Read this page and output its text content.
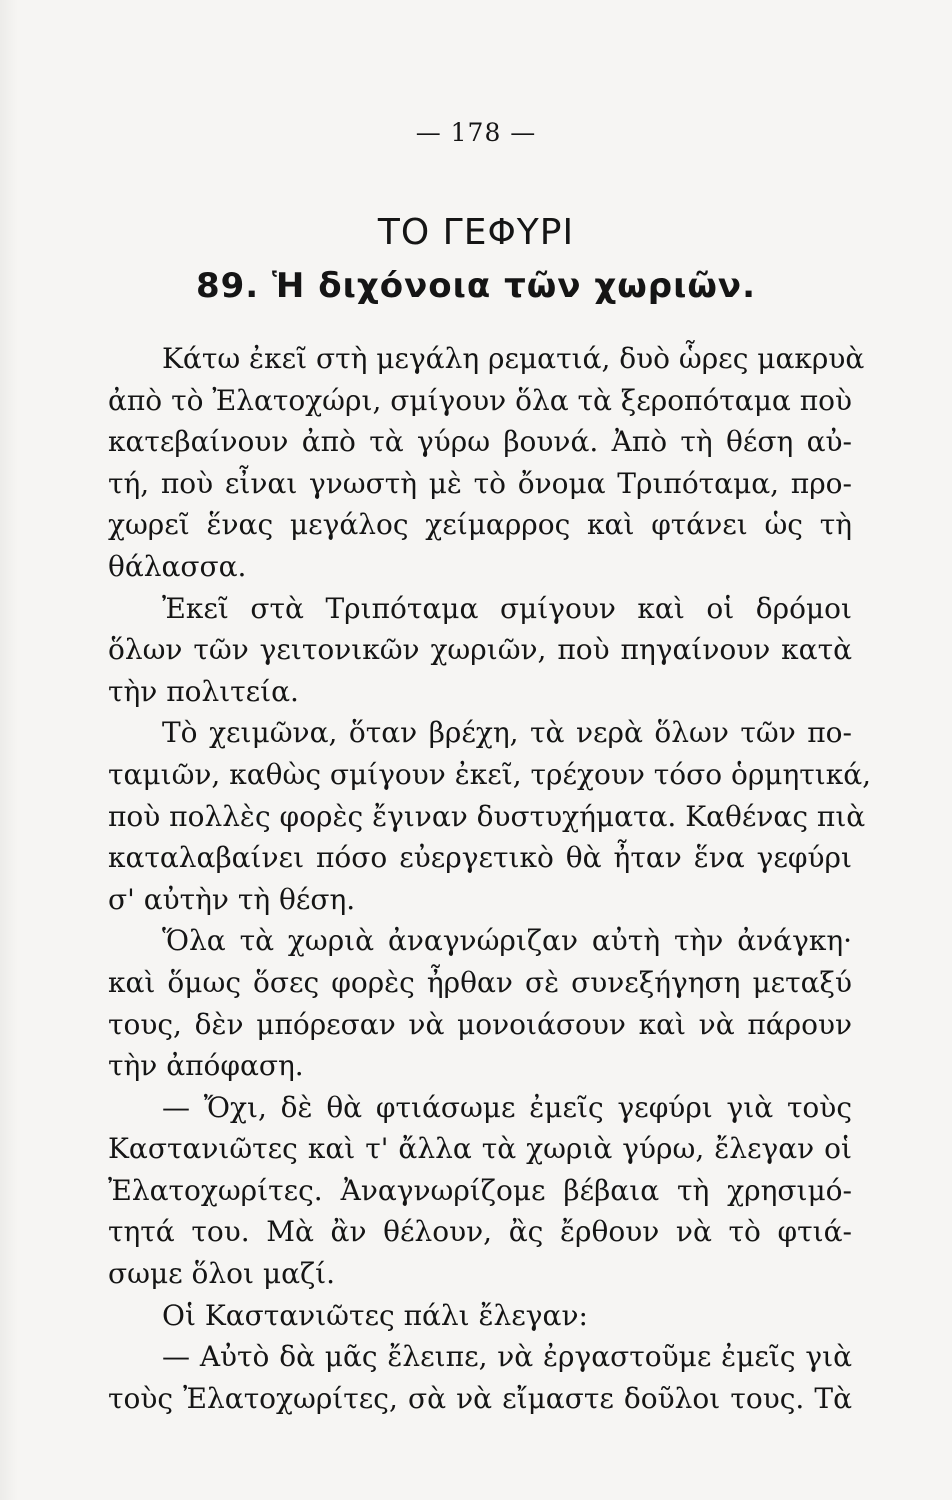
— 178 —
ΤΟ ΓΕΦΥΡΙ
89. Ἡ διχόνοια τῶν χωριῶν.
Κάτω ἐκεῖ στὴ μεγάλη ρεματιά, δυὸ ὧρες μακρυὰ
ἀπὸ τὸ Ἐλατοχώρι, σμίγουν ὅλα τὰ ξεροπόταμα ποὺ
κατεβαίνουν ἀπὸ τὰ γύρω βουνά. Ἀπὸ τὴ θέση αὐ-
τή, ποὺ εἶναι γνωστὴ μὲ τὸ ὄνομα Τριπόταμα, προ-
χωρεῖ ἕνας μεγάλος χείμαρρος καὶ φτάνει ὡς τὴ
θάλασσα.
Ἐκεῖ στὰ Τριπόταμα σμίγουν καὶ οἱ δρόμοι
ὅλων τῶν γειτονικῶν χωριῶν, ποὺ πηγαίνουν κατὰ
τὴν πολιτεία.
Τὸ χειμῶνα, ὅταν βρέχη, τὰ νερὰ ὅλων τῶν πο-
ταμιῶν, καθὼς σμίγουν ἐκεῖ, τρέχουν τόσο ὁρμητικά,
ποὺ πολλὲς φορὲς ἔγιναν δυστυχήματα. Καθένας πιὰ
καταλαβαίνει πόσο εὐεργετικὸ θὰ ἦταν ἕνα γεφύρι
σ' αὐτὴν τὴ θέση.
Ὅλα τὰ χωριὰ ἀναγνώριζαν αὐτὴ τὴν ἀνάγκη·
καὶ ὅμως ὅσες φορὲς ἦρθαν σὲ συνεξήγηση μεταξύ
τους, δὲν μπόρεσαν νὰ μονοιάσουν καὶ νὰ πάρουν
τὴν ἀπόφαση.
— Ὄχι, δὲ θὰ φτιάσωμε ἐμεῖς γεφύρι γιὰ τοὺς
Καστανιῶτες καὶ τ' ἄλλα τὰ χωριὰ γύρω, ἔλεγαν οἱ
Ἐλατοχωρίτες. Ἀναγνωρίζομε βέβαια τὴ χρησιμό-
τητά του. Μὰ ἂν θέλουν, ἂς ἔρθουν νὰ τὸ φτιά-
σωμε ὅλοι μαζί.
Οἱ Καστανιῶτες πάλι ἔλεγαν:
— Αὐτὸ δὰ μᾶς ἔλειπε, νὰ ἐργαστοῦμε ἐμεῖς γιὰ
τοὺς Ἐλατοχωρίτες, σὰ νὰ εἴμαστε δοῦλοι τους. Τὰ
